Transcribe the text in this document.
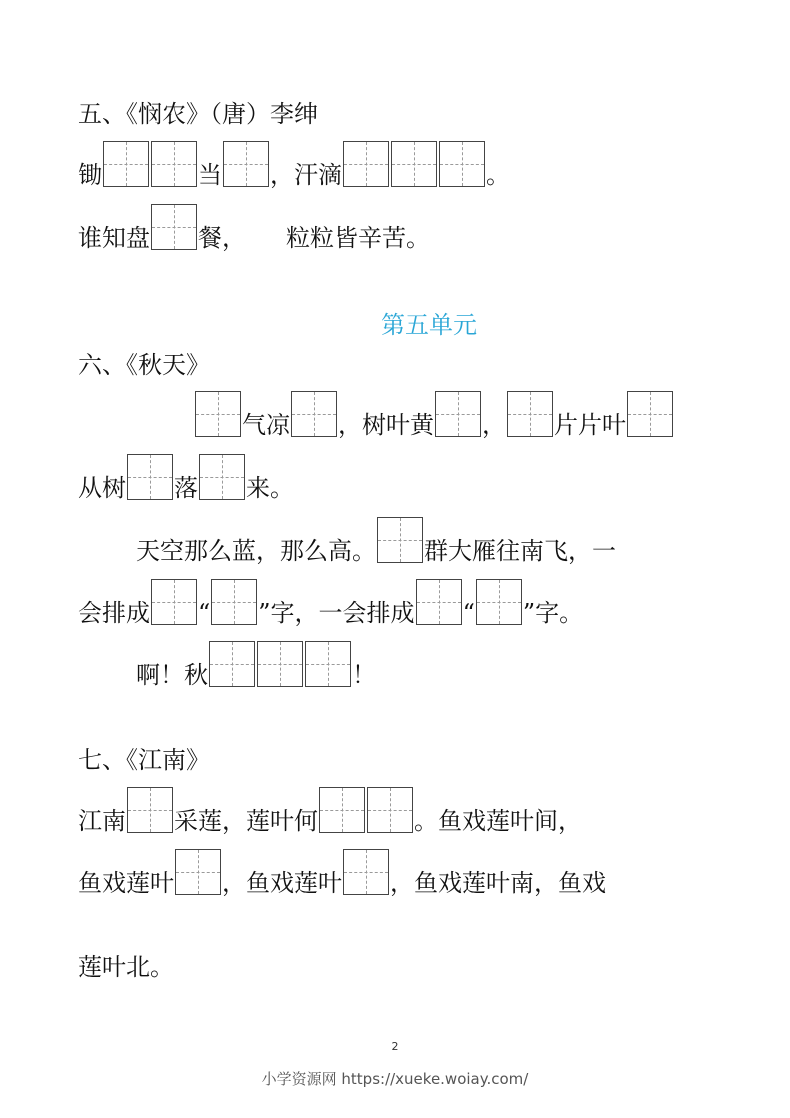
五、《悯农》（唐）李绅
锄	当 ，汗滴	。
谁知盘 餐， 粒粒皆辛苦。
第五单元
六、《秋天》
气凉 ，树叶黄 ， 片片叶
从树 落 来。
天空那么蓝，那么高。 群大雁往南飞，一
会排成 “ ”字，一会排成 “ ”字。
啊！秋	！
七、《江南》
江南 采莲，莲叶何	。鱼戏莲叶间，
鱼戏莲叶 ，鱼戏莲叶 ，鱼戏莲叶南，鱼戏
莲叶北。
2
小学资源网 https://xueke.woiay.com/
